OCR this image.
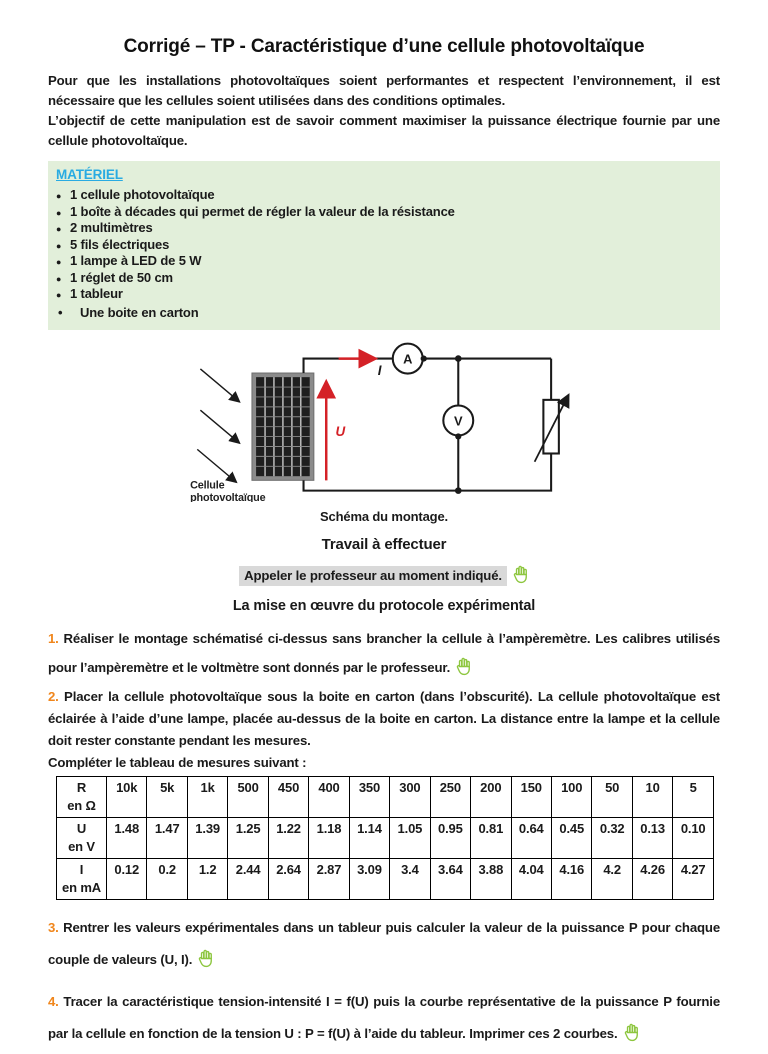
Corrigé – TP - Caractéristique d’une cellule photovoltaïque

Pour que les installations photovoltaïques soient performantes et respectent l’environnement, il est nécessaire que les cellules soient utilisées dans des conditions optimales.

L’objectif de cette manipulation est de savoir comment maximiser la puissance électrique fournie par une cellule photovoltaïque.

MATÉRIEL
● 1 cellule photovoltaïque
● 1 boîte à décades qui permet de régler la valeur de la résistance
● 2 multimètres
● 5 fils électriques
● 1 lampe à LED de 5 W
● 1 réglet de 50 cm
● 1 tableur
• Une boite en carton
I
U
A
V
Cellule
photovoltaïque
Schéma du montage.
Travail à effectuer
Appeler le professeur au moment indiqué.
La mise en œuvre du protocole expérimental

1. Réaliser le montage schématisé ci-dessus sans brancher la cellule à l’ampèremètre. Les calibres utilisés pour l’ampèremètre et le voltmètre sont donnés par le professeur.

2. Placer la cellule photovoltaïque sous la boite en carton (dans l’obscurité). La cellule photovoltaïque est éclairée à l’aide d’une lampe, placée au-dessus de la boite en carton. La distance entre la lampe et la cellule doit rester constante pendant les mesures.

Compléter le tableau de mesures suivant :

R
en Ω	10k	5k	1k	500	450	400	350	300	250	200	150	100	50	10	5

U
en V	1.48	1.47	1.39	1.25	1.22	1.18	1.14	1.05	0.95	0.81	0.64	0.45	0.32	0.13	0.10

I
en mA	0.12	0.2	1.2	2.44	2.64	2.87	3.09	3.4	3.64	3.88	4.04	4.16	4.2	4.26	4.27

3. Rentrer les valeurs expérimentales dans un tableur puis calculer la valeur de la puissance P pour chaque couple de valeurs (U, I).

4. Tracer la caractéristique tension-intensité I = f(U) puis la courbe représentative de la puissance P fournie par la cellule en fonction de la tension U : P = f(U) à l’aide du tableur. Imprimer ces 2 courbes.
